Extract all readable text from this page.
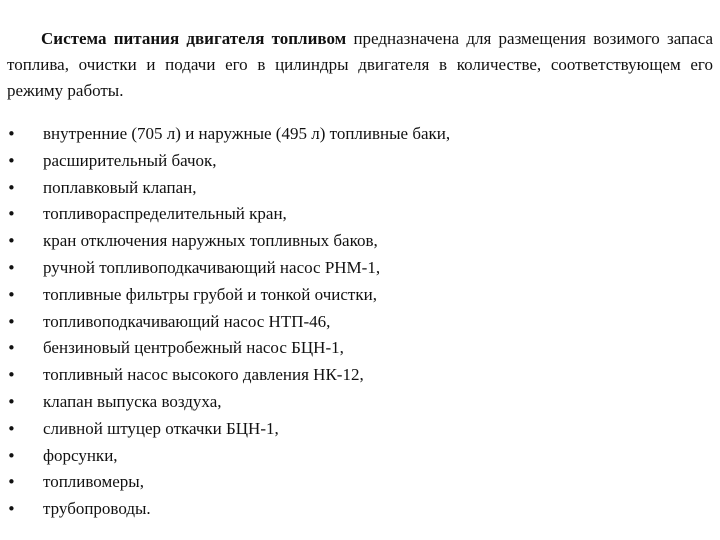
Система питания двигателя топливом предназначена для размещения возимого запаса топлива, очистки и подачи его в цилиндры двигателя в количестве, соответствующем его режиму работы.

•	внутренние (705 л) и наружные (495 л) топливные баки,
•	расширительный бачок,
•	поплавковый клапан,
•	топливораспределительный кран,
•	кран отключения наружных топливных баков,
•	ручной топливоподкачивающий насос РНМ-1,
•	топливные фильтры грубой и тонкой очистки,
•	топливоподкачивающий насос НТП-46,
•	бензиновый центробежный насос БЦН-1,
•	топливный насос высокого давления НК-12,
•	клапан выпуска воздуха,
•	сливной штуцер откачки БЦН-1,
•	форсунки,
•	топливомеры,
•	трубопроводы.
